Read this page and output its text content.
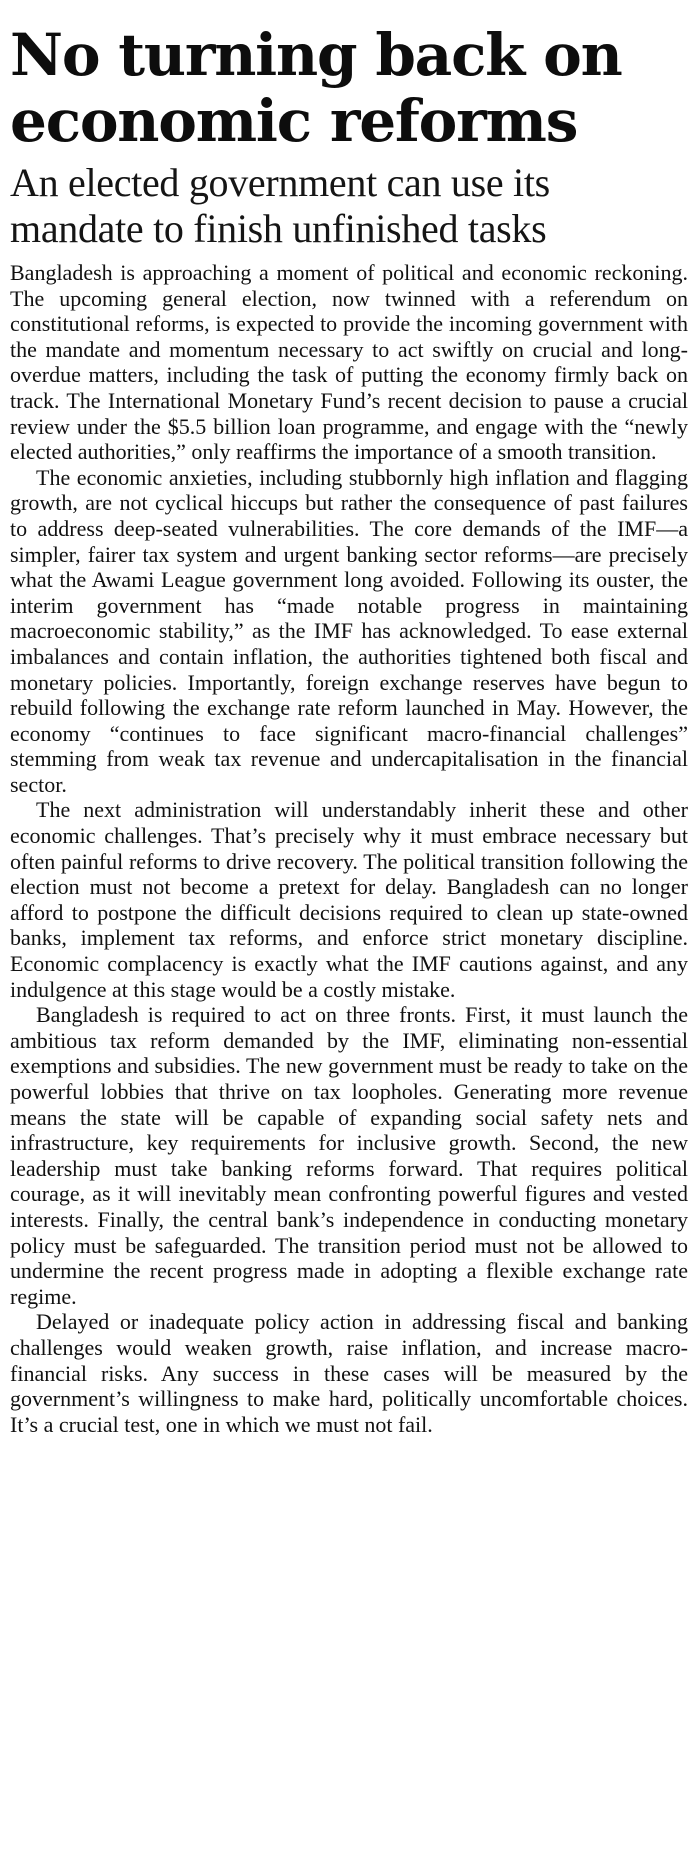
No turning back on economic reforms
An elected government can use its mandate to finish unfinished tasks

Bangladesh is approaching a moment of political and economic reckoning. The upcoming general election, now twinned with a referendum on constitutional reforms, is expected to provide the incoming government with the mandate and momentum necessary to act swiftly on crucial and long-overdue matters, including the task of putting the economy firmly back on track. The International Monetary Fund’s recent decision to pause a crucial review under the $5.5 billion loan programme, and engage with the “newly elected authorities,” only reaffirms the importance of a smooth transition.

The economic anxieties, including stubbornly high inflation and flagging growth, are not cyclical hiccups but rather the consequence of past failures to address deep-seated vulnerabilities. The core demands of the IMF—a simpler, fairer tax system and urgent banking sector reforms—are precisely what the Awami League government long avoided. Following its ouster, the interim government has “made notable progress in maintaining macroeconomic stability,” as the IMF has acknowledged. To ease external imbalances and contain inflation, the authorities tightened both fiscal and monetary policies. Importantly, foreign exchange reserves have begun to rebuild following the exchange rate reform launched in May. However, the economy “continues to face significant macro-financial challenges” stemming from weak tax revenue and undercapitalisation in the financial sector.

The next administration will understandably inherit these and other economic challenges. That’s precisely why it must embrace necessary but often painful reforms to drive recovery. The political transition following the election must not become a pretext for delay. Bangladesh can no longer afford to postpone the difficult decisions required to clean up state-owned banks, implement tax reforms, and enforce strict monetary discipline. Economic complacency is exactly what the IMF cautions against, and any indulgence at this stage would be a costly mistake.

Bangladesh is required to act on three fronts. First, it must launch the ambitious tax reform demanded by the IMF, eliminating non-essential exemptions and subsidies. The new government must be ready to take on the powerful lobbies that thrive on tax loopholes. Generating more revenue means the state will be capable of expanding social safety nets and infrastructure, key requirements for inclusive growth. Second, the new leadership must take banking reforms forward. That requires political courage, as it will inevitably mean confronting powerful figures and vested interests. Finally, the central bank’s independence in conducting monetary policy must be safeguarded. The transition period must not be allowed to undermine the recent progress made in adopting a flexible exchange rate regime.

Delayed or inadequate policy action in addressing fiscal and banking challenges would weaken growth, raise inflation, and increase macro-financial risks. Any success in these cases will be measured by the government’s willingness to make hard, politically uncomfortable choices. It’s a crucial test, one in which we must not fail.
